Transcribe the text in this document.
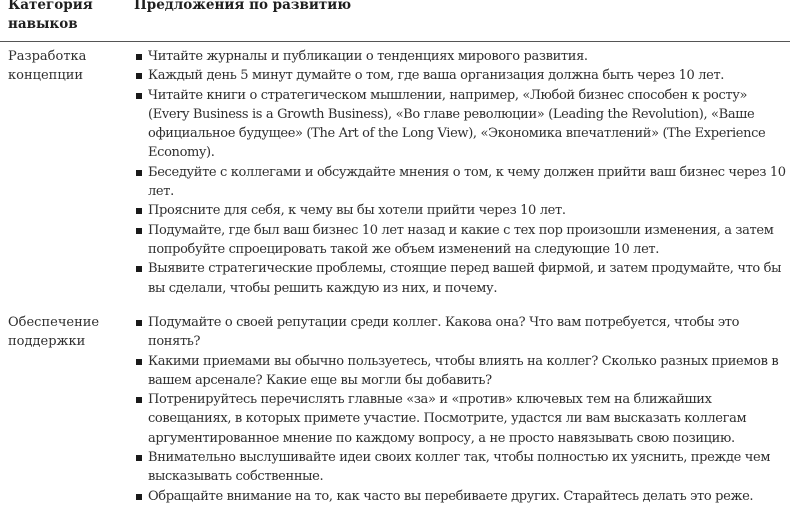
Категория навыков
Предложения по развитию
Разработка концепции
Читайте журналы и публикации о тенденциях мирового развития.
Каждый день 5 минут думайте о том, где ваша организация должна быть через 10 лет.
Читайте книги о стратегическом мышлении, например, «Любой бизнес способен к росту» (Every Business is a Growth Business), «Во главе революции» (Leading the Revolution), «Ваше официальное будущее» (The Art of the Long View), «Экономика впечатлений» (The Experience Economy).
Беседуйте с коллегами и обсуждайте мнения о том, к чему должен прийти ваш бизнес через 10 лет.
Проясните для себя, к чему вы бы хотели прийти через 10 лет.
Подумайте, где был ваш бизнес 10 лет назад и какие с тех пор произошли изменения, а затем попробуйте спроецировать такой же объем изменений на следующие 10 лет.
Выявите стратегические проблемы, стоящие перед вашей фирмой, и затем продумайте, что бы вы сделали, чтобы решить каждую из них, и почему.
Обеспечение поддержки
Подумайте о своей репутации среди коллег. Какова она? Что вам потребуется, чтобы это понять?
Какими приемами вы обычно пользуетесь, чтобы влиять на коллег? Сколько разных приемов в вашем арсенале? Какие еще вы могли бы добавить?
Потренируйтесь перечислять главные «за» и «против» ключевых тем на ближайших совещаниях, в которых примете участие. Посмотрите, удастся ли вам высказать коллегам аргументированное мнение по каждому вопросу, а не просто навязывать свою позицию.
Внимательно выслушивайте идеи своих коллег так, чтобы полностью их уяснить, прежде чем высказывать собственные.
Обращайте внимание на то, как часто вы перебиваете других. Старайтесь делать это реже.
